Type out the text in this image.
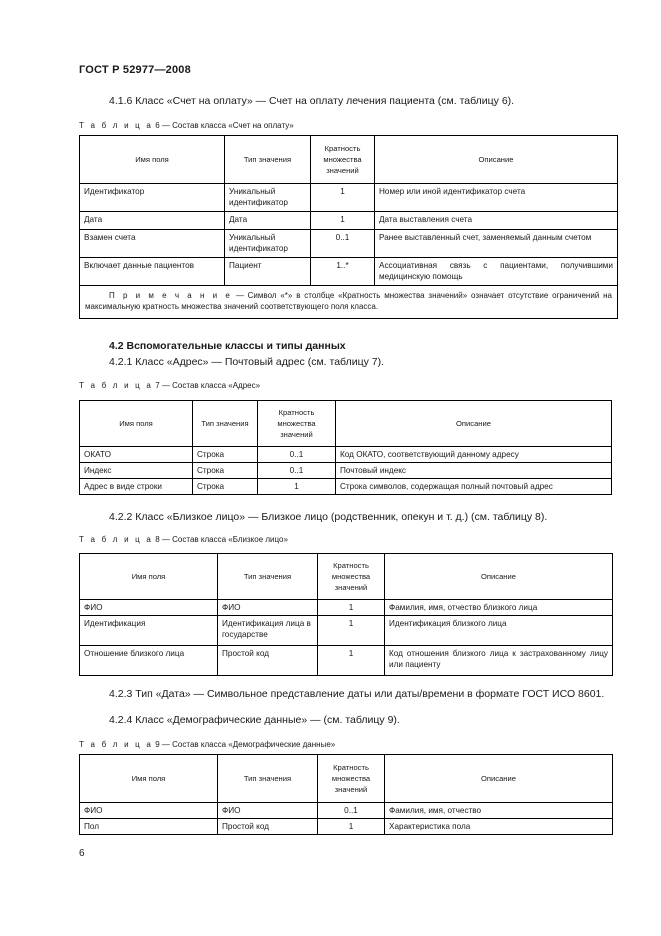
ГОСТ Р 52977—2008
4.1.6 Класс «Счет на оплату» — Счет на оплату лечения пациента (см. таблицу 6).
Т а б л и ц а 6 — Состав класса «Счет на оплату»
Имя поля	Тип значения	Кратность множества значений	Описание
Идентификатор	Уникальный идентификатор	1	Номер или иной идентификатор счета
Дата	Дата	1	Дата выставления счета
Взамен счета	Уникальный идентификатор	0..1	Ранее выставленный счет, заменяемый данным счетом
Включает данные пациентов	Пациент	1..*	Ассоциативная связь с пациентами, получившими медицинскую помощь
П р и м е ч а н и е — Символ «*» в столбце «Кратность множества значений» означает отсутствие ограничений на максимальную кратность множества значений соответствующего поля класса.			
4.2 Вспомогательные классы и типы данных
4.2.1 Класс «Адрес» — Почтовый адрес (см. таблицу 7).
Т а б л и ц а 7 — Состав класса «Адрес»
Имя поля	Тип значения	Кратность множества значений	Описание
ОКАТО	Строка	0..1	Код ОКАТО, соответствующий данному адресу
Индекс	Строка	0..1	Почтовый индекс
Адрес в виде строки	Строка	1	Строка символов, содержащая полный почтовый адрес
4.2.2 Класс «Близкое лицо» — Близкое лицо (родственник, опекун и т. д.) (см. таблицу 8).
Т а б л и ц а 8 — Состав класса «Близкое лицо»
Имя поля	Тип значения	Кратность множества значений	Описание
ФИО	ФИО	1	Фамилия, имя, отчество близкого лица
Идентификация	Идентификация лица в государстве	1	Идентификация близкого лица
Отношение близкого лица	Простой код	1	Код отношения близкого лица к застрахованному лицу или пациенту
4.2.3 Тип «Дата» — Символьное представление даты или даты/времени в формате ГОСТ ИСО 8601.
4.2.4 Класс «Демографические данные» — (см. таблицу 9).
Т а б л и ц а 9 — Состав класса «Демографические данные»
Имя поля	Тип значения	Кратность множества значений	Описание
ФИО	ФИО	0..1	Фамилия, имя, отчество
Пол	Простой код	1	Характеристика пола
6
